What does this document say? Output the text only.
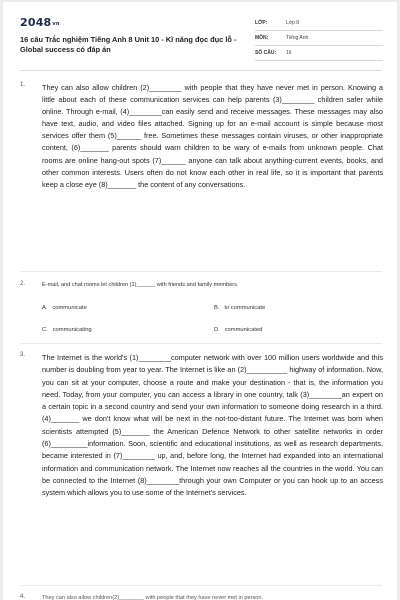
$2048_{vn}$
16 câu Trắc nghiệm Tiếng Anh 8 Unit 10 - Kĩ năng đọc đục lỗ - Global success có đáp án
LỚP:	Lớp 8
MÔN:	Tiếng Anh
SỐ CÂU: 16
1. They can also allow children (2)________ with people that they have never met in person. Knowing a little about each of these communication services can help parents (3)________ children safer while online. Through e-mail, (4)________can easily send and receive messages. These messages may also have text, audio, and video files attached. Signing up for an e-mail account is simple because most services offer them (5)______ free. Sometimes these messages contain viruses, or other inappropriate content, (6)_______ parents should warn children to be wary of e-mails from unknown people. Chat rooms are online hang-out spots (7)______ anyone can talk about anything-current events, books, and other common interests. Users often do not know each other in real life, so it is important that parents keep a close eye (8)_______ the content of any conversations.
2.	E-mail, and chat rooms let children (1)______ with friends and family members.
A. communicate	B. to communicate
C. communicating	D. communicated
3. The Internet is the world's (1)________computer network with over 100 million users worldwide and this number is doubling from year to year. The Internet is like an (2)__________ highway of information. Now, you can sit at your computer, choose a route and make your destination - that is, the information you need. Today, from your computer, you can access a library in one country, talk (3)________an expert on a certain topic in a second country and send your own information to someone doing research in a third. (4)_______ we don't know what will be next in the not-too-distant future. The Internet was born when scientists attempted (5)_______ the American Defence Network to other satellite networks in order (6)_________information. Soon, scientific and educational institutions, as well as research departments, became interested in (7)________ up, and, before long, the Internet had expanded into an international information and communication network. The Internet now reaches all the countries in the world. You can be connected to the Internet (8)________through your own Computer or you can hook up to an access system which allows you to use some of the Internet's services.
4.	They can also allow children(2)________ with people that they have never met in person.
